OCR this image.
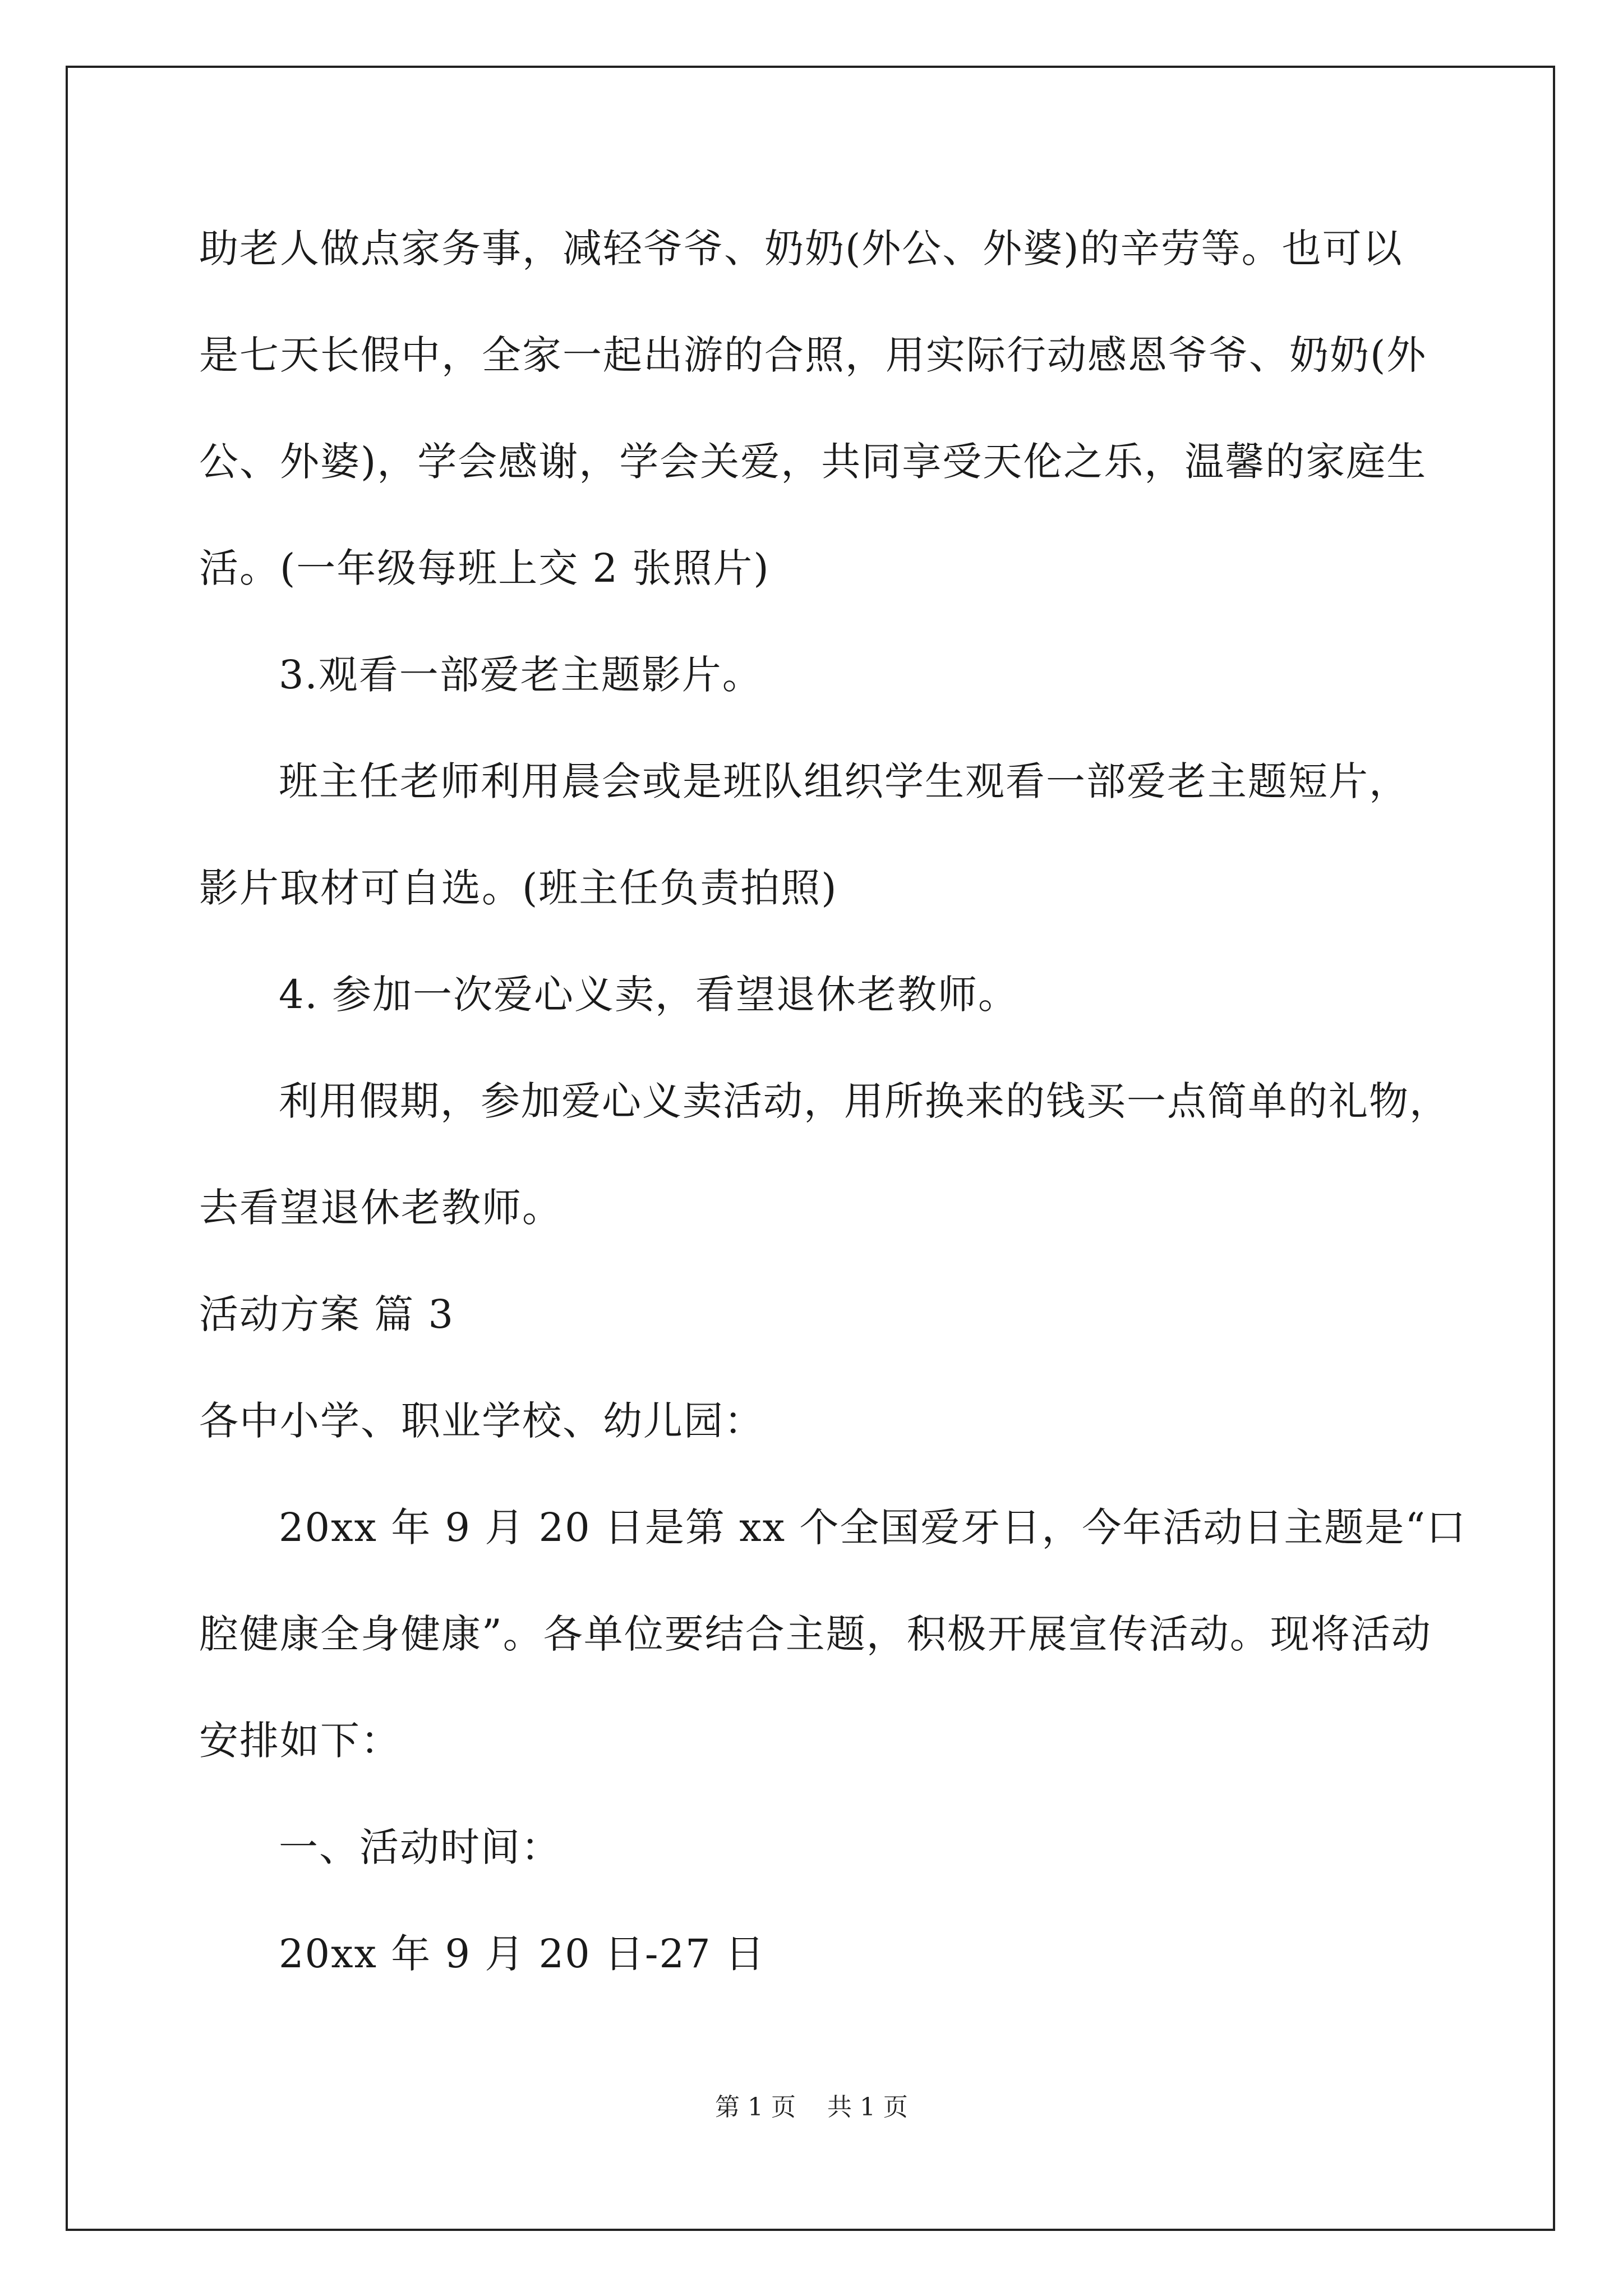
助老人做点家务事，减轻爷爷、奶奶(外公、外婆)的辛劳等。也可以
是七天长假中，全家一起出游的合照，用实际行动感恩爷爷、奶奶(外
公、外婆)，学会感谢，学会关爱，共同享受天伦之乐，温馨的家庭生
活。(一年级每班上交 2 张照片)
3.观看一部爱老主题影片。
班主任老师利用晨会或是班队组织学生观看一部爱老主题短片，
影片取材可自选。(班主任负责拍照)
4. 参加一次爱心义卖，看望退休老教师。
利用假期，参加爱心义卖活动，用所换来的钱买一点简单的礼物，
去看望退休老教师。
活动方案 篇 3
各中小学、职业学校、幼儿园：
20xx 年 9 月 20 日是第 xx 个全国爱牙日，今年活动日主题是“口
腔健康全身健康”。各单位要结合主题，积极开展宣传活动。现将活动
安排如下：
一、活动时间：
20xx 年 9 月 20 日-27 日
第 1 页    共 1 页
